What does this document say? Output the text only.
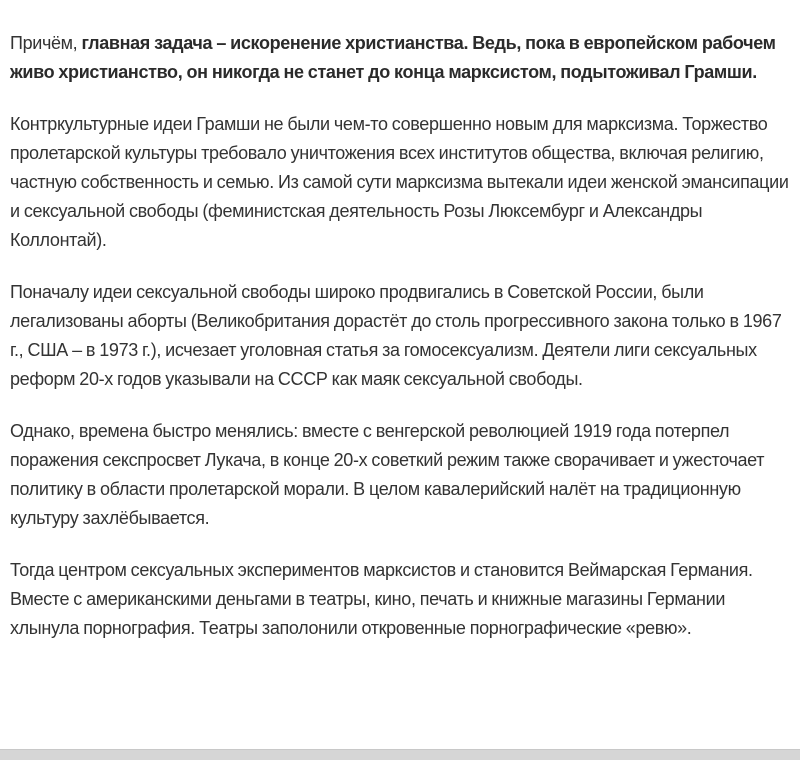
Причём, главная задача – искоренение христианства. Ведь, пока в европейском рабочем живо христианство, он никогда не станет до конца марксистом, подытоживал Грамши.

Контркультурные идеи Грамши не были чем-то совершенно новым для марксизма. Торжество пролетарской культуры требовало уничтожения всех институтов общества, включая религию, частную собственность и семью. Из самой сути марксизма вытекали идеи женской эмансипации и сексуальной свободы (феминистская деятельность Розы Люксембург и Александры Коллонтай).

Поначалу идеи сексуальной свободы широко продвигались в Советской России, были легализованы аборты (Великобритания дорастёт до столь прогрессивного закона только в 1967 г., США – в 1973 г.), исчезает уголовная статья за гомосексуализм. Деятели лиги сексуальных реформ 20-х годов указывали на СССР как маяк сексуальной свободы.

Однако, времена быстро менялись: вместе с венгерской революцией 1919 года потерпел поражения секспросвет Лукача, в конце 20-х советкий режим также сворачивает и ужесточает политику в области пролетарской морали. В целом кавалерийский налёт на традиционную культуру захлёбывается.

Тогда центром сексуальных экспериментов марксистов и становится Веймарская Германия. Вместе с американскими деньгами в театры, кино, печать и книжные магазины Германии хлынула порнография. Театры заполонили откровенные порнографические «ревю».
